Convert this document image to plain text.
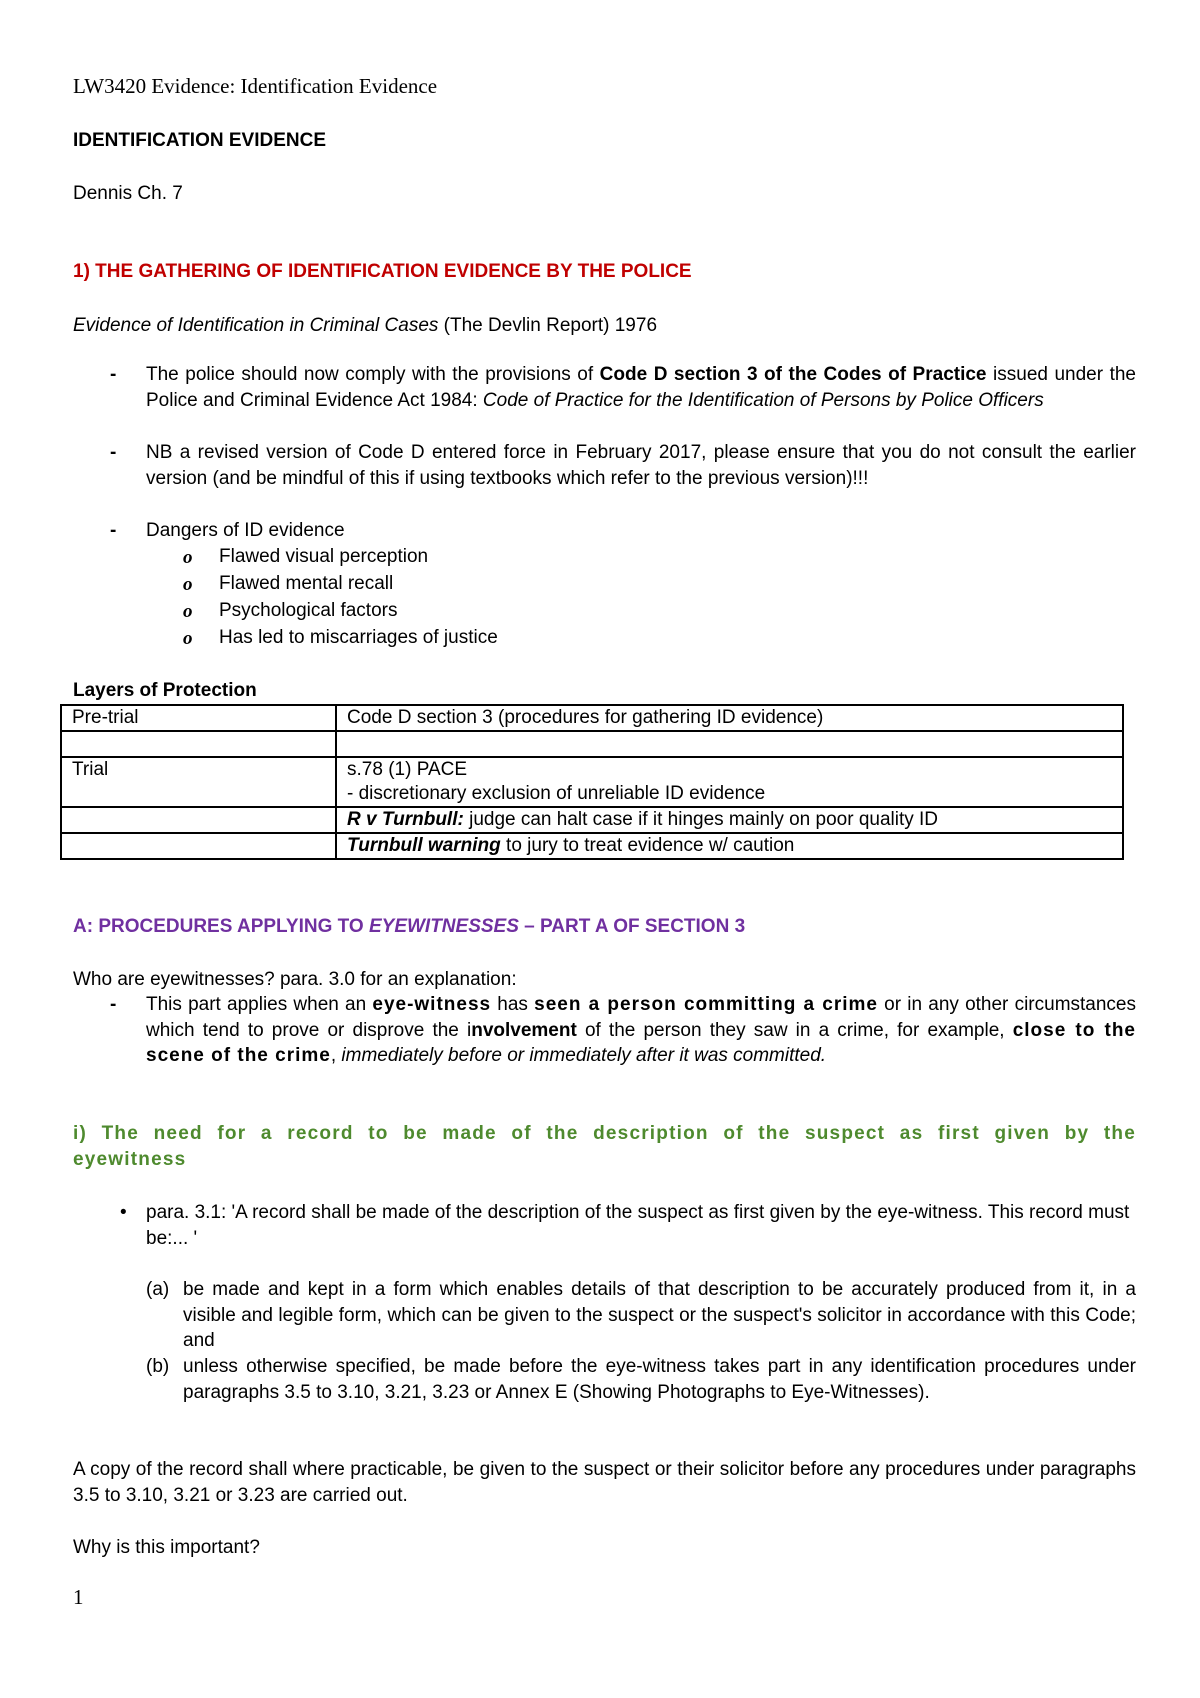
LW3420 Evidence: Identification Evidence
IDENTIFICATION EVIDENCE
Dennis Ch. 7
1) THE GATHERING OF IDENTIFICATION EVIDENCE BY THE POLICE
Evidence of Identification in Criminal Cases (The Devlin Report) 1976
- The police should now comply with the provisions of Code D section 3 of the Codes of Practice issued under the Police and Criminal Evidence Act 1984: Code of Practice for the Identification of Persons by Police Officers
- NB a revised version of Code D entered force in February 2017, please ensure that you do not consult the earlier version (and be mindful of this if using textbooks which refer to the previous version)!!!
- Dangers of ID evidence
o Flawed visual perception
o Flawed mental recall
o Psychological factors
o Has led to miscarriages of justice
Layers of Protection
Pre-trial	Code D section 3 (procedures for gathering ID evidence)

Trial	s.78 (1) PACE
- discretionary exclusion of unreliable ID evidence

	R v Turnbull: judge can halt case if it hinges mainly on poor quality ID
	Turnbull warning to jury to treat evidence w/ caution
A: PROCEDURES APPLYING TO EYEWITNESSES – PART A OF SECTION 3
Who are eyewitnesses? para. 3.0 for an explanation:
- This part applies when an eye-witness has seen a person committing a crime or in any other circumstances which tend to prove or disprove the involvement of the person they saw in a crime, for example, close to the scene of the crime, immediately before or immediately after it was committed.
i) The need for a record to be made of the description of the suspect as first given by the eyewitness
• para. 3.1: 'A record shall be made of the description of the suspect as first given by the eye-witness. This record must be:... '
(a) be made and kept in a form which enables details of that description to be accurately produced from it, in a visible and legible form, which can be given to the suspect or the suspect's solicitor in accordance with this Code; and
(b) unless otherwise specified, be made before the eye-witness takes part in any identification procedures under paragraphs 3.5 to 3.10, 3.21, 3.23 or Annex E (Showing Photographs to Eye-Witnesses).
A copy of the record shall where practicable, be given to the suspect or their solicitor before any procedures under paragraphs 3.5 to 3.10, 3.21 or 3.23 are carried out.
Why is this important?
1
